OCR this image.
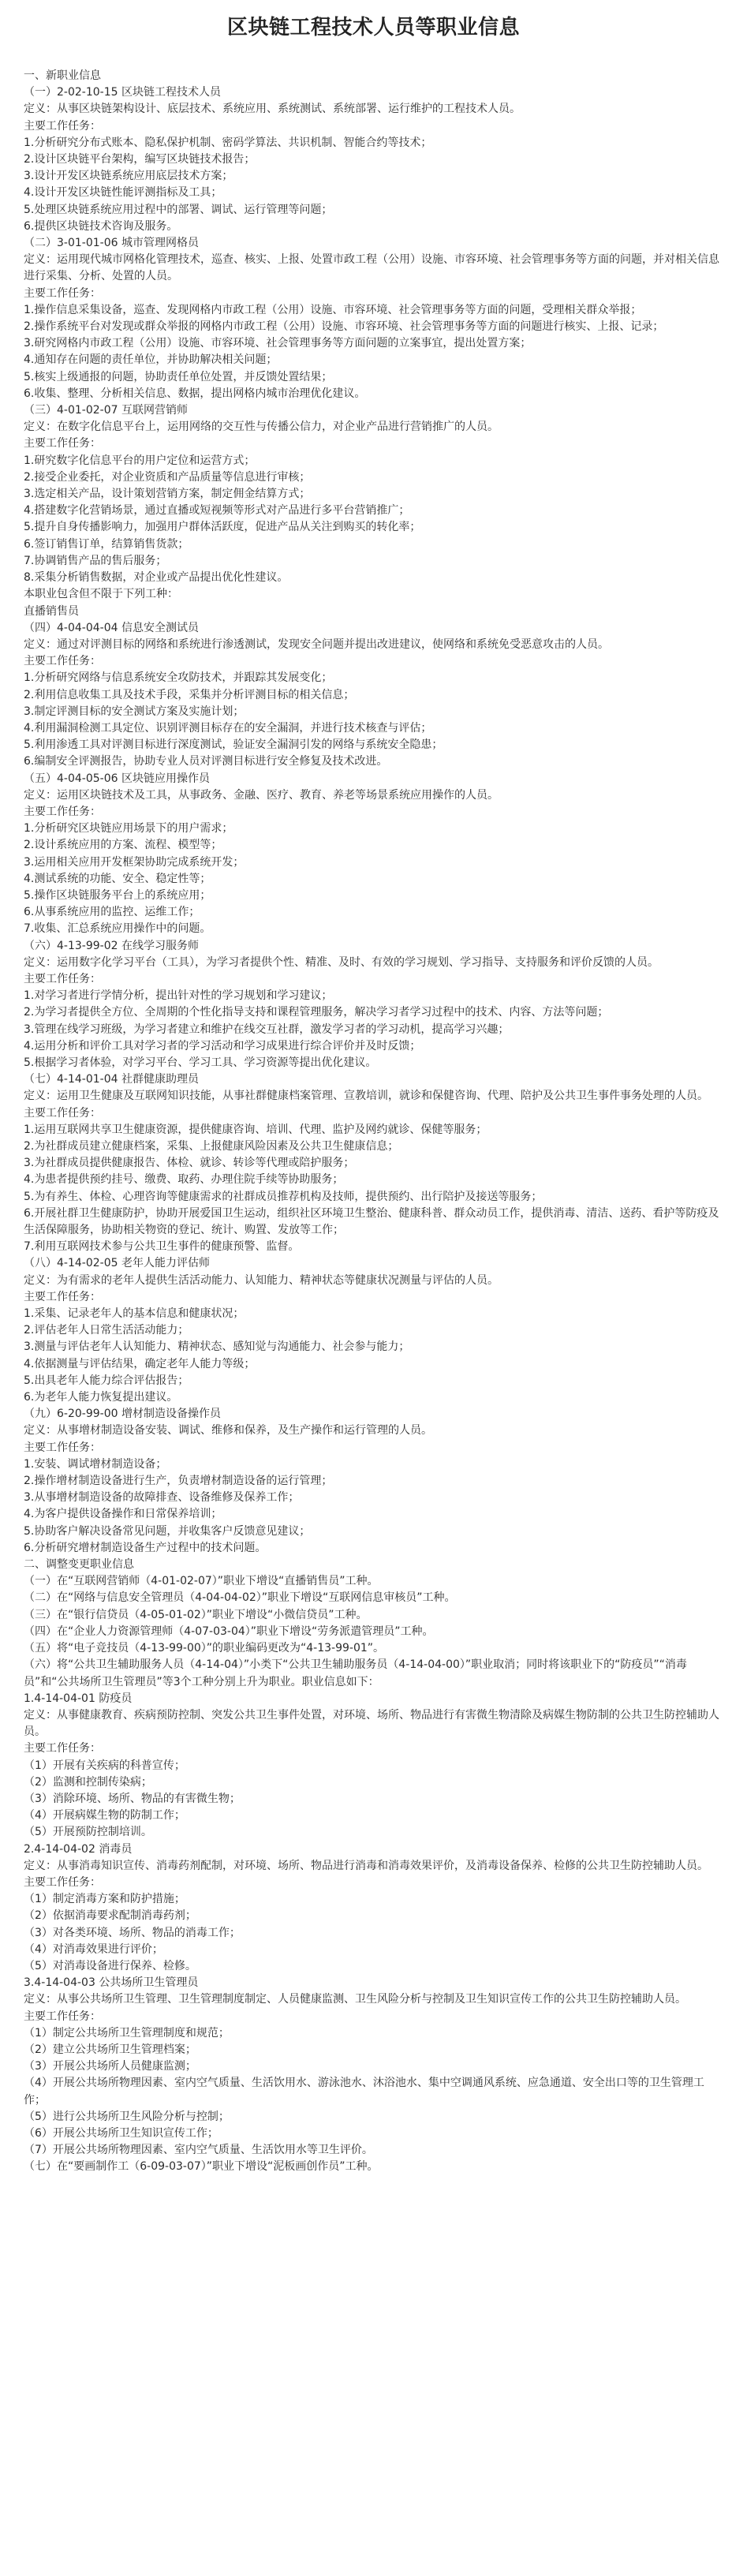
区块链工程技术人员等职业信息

一、新职业信息

（一）2-02-10-15 区块链工程技术人员

定义：从事区块链架构设计、底层技术、系统应用、系统测试、系统部署、运行维护的工程技术人员。

主要工作任务：

1.分析研究分布式账本、隐私保护机制、密码学算法、共识机制、智能合约等技术；

2.设计区块链平台架构，编写区块链技术报告；

3.设计开发区块链系统应用底层技术方案；

4.设计开发区块链性能评测指标及工具；

5.处理区块链系统应用过程中的部署、调试、运行管理等问题；

6.提供区块链技术咨询及服务。

（二）3-01-01-06 城市管理网格员

定义：运用现代城市网格化管理技术，巡查、核实、上报、处置市政工程（公用）设施、市容环境、社会管理事务等方面的问题，并对相关信息进行采集、分析、处置的人员。

主要工作任务：

1.操作信息采集设备，巡查、发现网格内市政工程（公用）设施、市容环境、社会管理事务等方面的问题，受理相关群众举报；

2.操作系统平台对发现或群众举报的网格内市政工程（公用）设施、市容环境、社会管理事务等方面的问题进行核实、上报、记录；

3.研究网格内市政工程（公用）设施、市容环境、社会管理事务等方面问题的立案事宜，提出处置方案；

4.通知存在问题的责任单位，并协助解决相关问题；

5.核实上级通报的问题，协助责任单位处置，并反馈处置结果；

6.收集、整理、分析相关信息、数据，提出网格内城市治理优化建议。

（三）4-01-02-07 互联网营销师

定义：在数字化信息平台上，运用网络的交互性与传播公信力，对企业产品进行营销推广的人员。

主要工作任务：

1.研究数字化信息平台的用户定位和运营方式；

2.接受企业委托，对企业资质和产品质量等信息进行审核；

3.选定相关产品，设计策划营销方案，制定佣金结算方式；

4.搭建数字化营销场景，通过直播或短视频等形式对产品进行多平台营销推广；

5.提升自身传播影响力，加强用户群体活跃度，促进产品从关注到购买的转化率；

6.签订销售订单，结算销售货款；

7.协调销售产品的售后服务；

8.采集分析销售数据，对企业或产品提出优化性建议。

本职业包含但不限于下列工种：

直播销售员

（四）4-04-04-04 信息安全测试员

定义：通过对评测目标的网络和系统进行渗透测试，发现安全问题并提出改进建议，使网络和系统免受恶意攻击的人员。

主要工作任务：

1.分析研究网络与信息系统安全攻防技术，并跟踪其发展变化；

2.利用信息收集工具及技术手段，采集并分析评测目标的相关信息；

3.制定评测目标的安全测试方案及实施计划；

4.利用漏洞检测工具定位、识别评测目标存在的安全漏洞，并进行技术核查与评估；

5.利用渗透工具对评测目标进行深度测试，验证安全漏洞引发的网络与系统安全隐患；

6.编制安全评测报告，协助专业人员对评测目标进行安全修复及技术改进。

（五）4-04-05-06 区块链应用操作员

定义：运用区块链技术及工具，从事政务、金融、医疗、教育、养老等场景系统应用操作的人员。

主要工作任务：

1.分析研究区块链应用场景下的用户需求；

2.设计系统应用的方案、流程、模型等；

3.运用相关应用开发框架协助完成系统开发；

4.测试系统的功能、安全、稳定性等；

5.操作区块链服务平台上的系统应用；

6.从事系统应用的监控、运维工作；

7.收集、汇总系统应用操作中的问题。

（六）4-13-99-02 在线学习服务师

定义：运用数字化学习平台（工具），为学习者提供个性、精准、及时、有效的学习规划、学习指导、支持服务和评价反馈的人员。

主要工作任务：

1.对学习者进行学情分析，提出针对性的学习规划和学习建议；

2.为学习者提供全方位、全周期的个性化指导支持和课程管理服务，解决学习者学习过程中的技术、内容、方法等问题；

3.管理在线学习班级，为学习者建立和维护在线交互社群，激发学习者的学习动机，提高学习兴趣；

4.运用分析和评价工具对学习者的学习活动和学习成果进行综合评价并及时反馈；

5.根据学习者体验，对学习平台、学习工具、学习资源等提出优化建议。

（七）4-14-01-04 社群健康助理员

定义：运用卫生健康及互联网知识技能，从事社群健康档案管理、宣教培训，就诊和保健咨询、代理、陪护及公共卫生事件事务处理的人员。

主要工作任务：

1.运用互联网共享卫生健康资源，提供健康咨询、培训、代理、监护及网约就诊、保健等服务；

2.为社群成员建立健康档案，采集、上报健康风险因素及公共卫生健康信息；

3.为社群成员提供健康报告、体检、就诊、转诊等代理或陪护服务；

4.为患者提供预约挂号、缴费、取药、办理住院手续等协助服务；

5.为有养生、体检、心理咨询等健康需求的社群成员推荐机构及技师，提供预约、出行陪护及接送等服务；

6.开展社群卫生健康防护，协助开展爱国卫生运动，组织社区环境卫生整治、健康科普、群众动员工作，提供消毒、清洁、送药、看护等防疫及生活保障服务，协助相关物资的登记、统计、购置、发放等工作；

7.利用互联网技术参与公共卫生事件的健康预警、监督。

（八）4-14-02-05 老年人能力评估师

定义：为有需求的老年人提供生活活动能力、认知能力、精神状态等健康状况测量与评估的人员。

主要工作任务：

1.采集、记录老年人的基本信息和健康状况；

2.评估老年人日常生活活动能力；

3.测量与评估老年人认知能力、精神状态、感知觉与沟通能力、社会参与能力；

4.依据测量与评估结果，确定老年人能力等级；

5.出具老年人能力综合评估报告；

6.为老年人能力恢复提出建议。

（九）6-20-99-00 增材制造设备操作员

定义：从事增材制造设备安装、调试、维修和保养，及生产操作和运行管理的人员。

主要工作任务：

1.安装、调试增材制造设备；

2.操作增材制造设备进行生产，负责增材制造设备的运行管理；

3.从事增材制造设备的故障排查、设备维修及保养工作；

4.为客户提供设备操作和日常保养培训；

5.协助客户解决设备常见问题，并收集客户反馈意见建议；

6.分析研究增材制造设备生产过程中的技术问题。

二、调整变更职业信息

（一）在“互联网营销师（4-01-02-07）”职业下增设“直播销售员”工种。

（二）在“网络与信息安全管理员（4-04-04-02）”职业下增设“互联网信息审核员”工种。

（三）在“银行信贷员（4-05-01-02）”职业下增设“小微信贷员”工种。

（四）在“企业人力资源管理师（4-07-03-04）”职业下增设“劳务派遣管理员”工种。

（五）将“电子竞技员（4-13-99-00）”的职业编码更改为“4-13-99-01”。

（六）将“公共卫生辅助服务人员（4-14-04）”小类下“公共卫生辅助服务员（4-14-04-00）”职业取消；同时将该职业下的“防疫员”“消毒员”和“公共场所卫生管理员”等3个工种分别上升为职业。职业信息如下：

1.4-14-04-01 防疫员

定义：从事健康教育、疾病预防控制、突发公共卫生事件处置，对环境、场所、物品进行有害微生物清除及病媒生物防制的公共卫生防控辅助人员。

主要工作任务：

（1）开展有关疾病的科普宣传；

（2）监测和控制传染病；

（3）消除环境、场所、物品的有害微生物；

（4）开展病媒生物的防制工作；

（5）开展预防控制培训。

2.4-14-04-02 消毒员

定义：从事消毒知识宣传、消毒药剂配制，对环境、场所、物品进行消毒和消毒效果评价，及消毒设备保养、检修的公共卫生防控辅助人员。

主要工作任务：

（1）制定消毒方案和防护措施；

（2）依据消毒要求配制消毒药剂；

（3）对各类环境、场所、物品的消毒工作；

（4）对消毒效果进行评价；

（5）对消毒设备进行保养、检修。

3.4-14-04-03 公共场所卫生管理员

定义：从事公共场所卫生管理、卫生管理制度制定、人员健康监测、卫生风险分析与控制及卫生知识宣传工作的公共卫生防控辅助人员。

主要工作任务：

（1）制定公共场所卫生管理制度和规范；

（2）建立公共场所卫生管理档案；

（3）开展公共场所人员健康监测；

（4）开展公共场所物理因素、室内空气质量、生活饮用水、游泳池水、沐浴池水、集中空调通风系统、应急通道、安全出口等的卫生管理工作；

（5）进行公共场所卫生风险分析与控制；

（6）开展公共场所卫生知识宣传工作；

（7）开展公共场所物理因素、室内空气质量、生活饮用水等卫生评价。

（七）在“要画制作工（6-09-03-07）”职业下增设“泥板画创作员”工种。
